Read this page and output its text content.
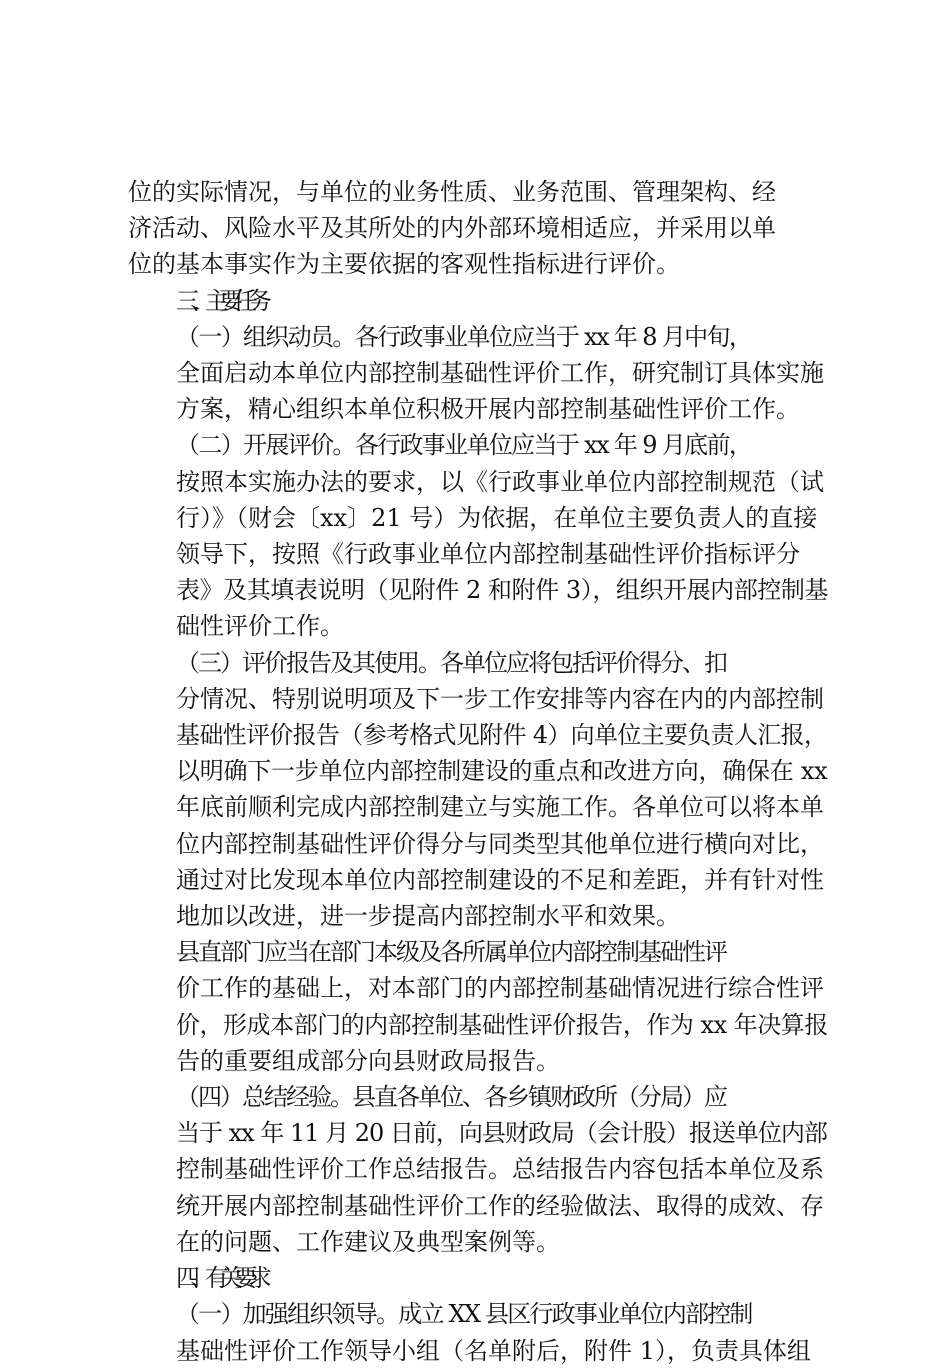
位的实际情况，与单位的业务性质、业务范围、管理架构、经
济活动、风险水平及其所处的内外部环境相适应，并采用以单
位的基本事实作为主要依据的客观性指标进行评价。
三、主要任务
（一）组织动员。各行政事业单位应当于 xx 年 8 月中旬，
全面启动本单位内部控制基础性评价工作，研究制订具体实施
方案，精心组织本单位积极开展内部控制基础性评价工作。
（二）开展评价。各行政事业单位应当于 xx 年 9 月底前，
按照本实施办法的要求，以《行政事业单位内部控制规范（试
行）》（财会〔xx〕21 号）为依据，在单位主要负责人的直接
领导下，按照《行政事业单位内部控制基础性评价指标评分
表》及其填表说明（见附件 2 和附件 3），组织开展内部控制基
础性评价工作。
（三）评价报告及其使用。各单位应将包括评价得分、扣
分情况、特别说明项及下一步工作安排等内容在内的内部控制
基础性评价报告（参考格式见附件 4）向单位主要负责人汇报，
以明确下一步单位内部控制建设的重点和改进方向，确保在 xx
年底前顺利完成内部控制建立与实施工作。各单位可以将本单
位内部控制基础性评价得分与同类型其他单位进行横向对比，
通过对比发现本单位内部控制建设的不足和差距，并有针对性
地加以改进，进一步提高内部控制水平和效果。
县直部门应当在部门本级及各所属单位内部控制基础性评
价工作的基础上，对本部门的内部控制基础情况进行综合性评
价，形成本部门的内部控制基础性评价报告，作为 xx 年决算报
告的重要组成部分向县财政局报告。
（四）总结经验。县直各单位、各乡镇财政所（分局）应
当于 xx 年 11 月 20 日前，向县财政局（会计股）报送单位内部
控制基础性评价工作总结报告。总结报告内容包括本单位及系
统开展内部控制基础性评价工作的经验做法、取得的成效、存
在的问题、工作建议及典型案例等。
四、有关要求
（一）加强组织领导。成立 XX 县区行政事业单位内部控制
基础性评价工作领导小组（名单附后，附件 1），负责具体组
